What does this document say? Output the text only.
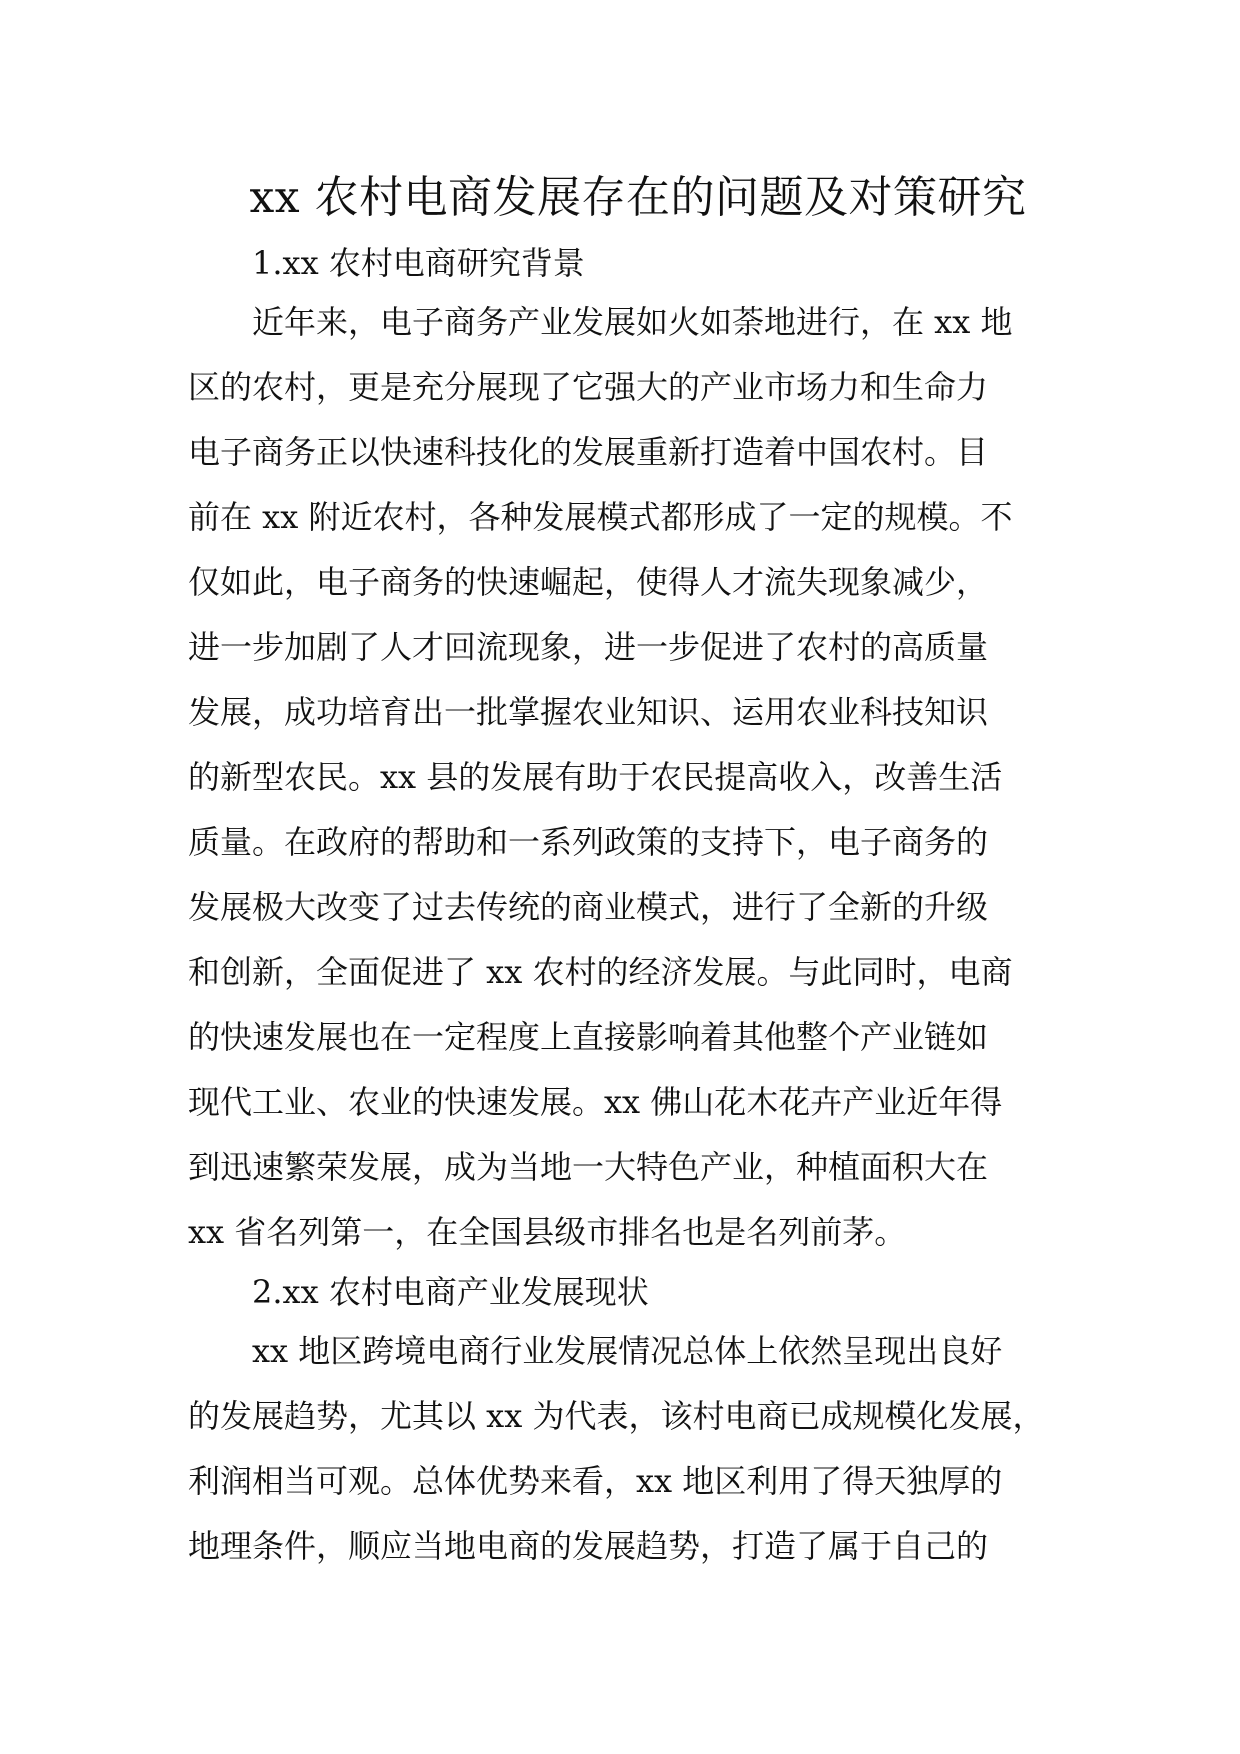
xx 农村电商发展存在的问题及对策研究
1.xx 农村电商研究背景

近年来，电子商务产业发展如火如荼地进行，在 xx 地
区的农村，更是充分展现了它强大的产业市场力和生命力
电子商务正以快速科技化的发展重新打造着中国农村。目
前在 xx 附近农村，各种发展模式都形成了一定的规模。不
仅如此，电子商务的快速崛起，使得人才流失现象减少，
进一步加剧了人才回流现象，进一步促进了农村的高质量
发展，成功培育出一批掌握农业知识、运用农业科技知识
的新型农民。xx 县的发展有助于农民提高收入，改善生活
质量。在政府的帮助和一系列政策的支持下，电子商务的
发展极大改变了过去传统的商业模式，进行了全新的升级
和创新，全面促进了 xx 农村的经济发展。与此同时，电商
的快速发展也在一定程度上直接影响着其他整个产业链如
现代工业、农业的快速发展。xx 佛山花木花卉产业近年得
到迅速繁荣发展，成为当地一大特色产业，种植面积大在
xx 省名列第一，在全国县级市排名也是名列前茅。

2.xx 农村电商产业发展现状

xx 地区跨境电商行业发展情况总体上依然呈现出良好
的发展趋势，尤其以 xx 为代表，该村电商已成规模化发展，
利润相当可观。总体优势来看，xx 地区利用了得天独厚的
地理条件，顺应当地电商的发展趋势，打造了属于自己的
